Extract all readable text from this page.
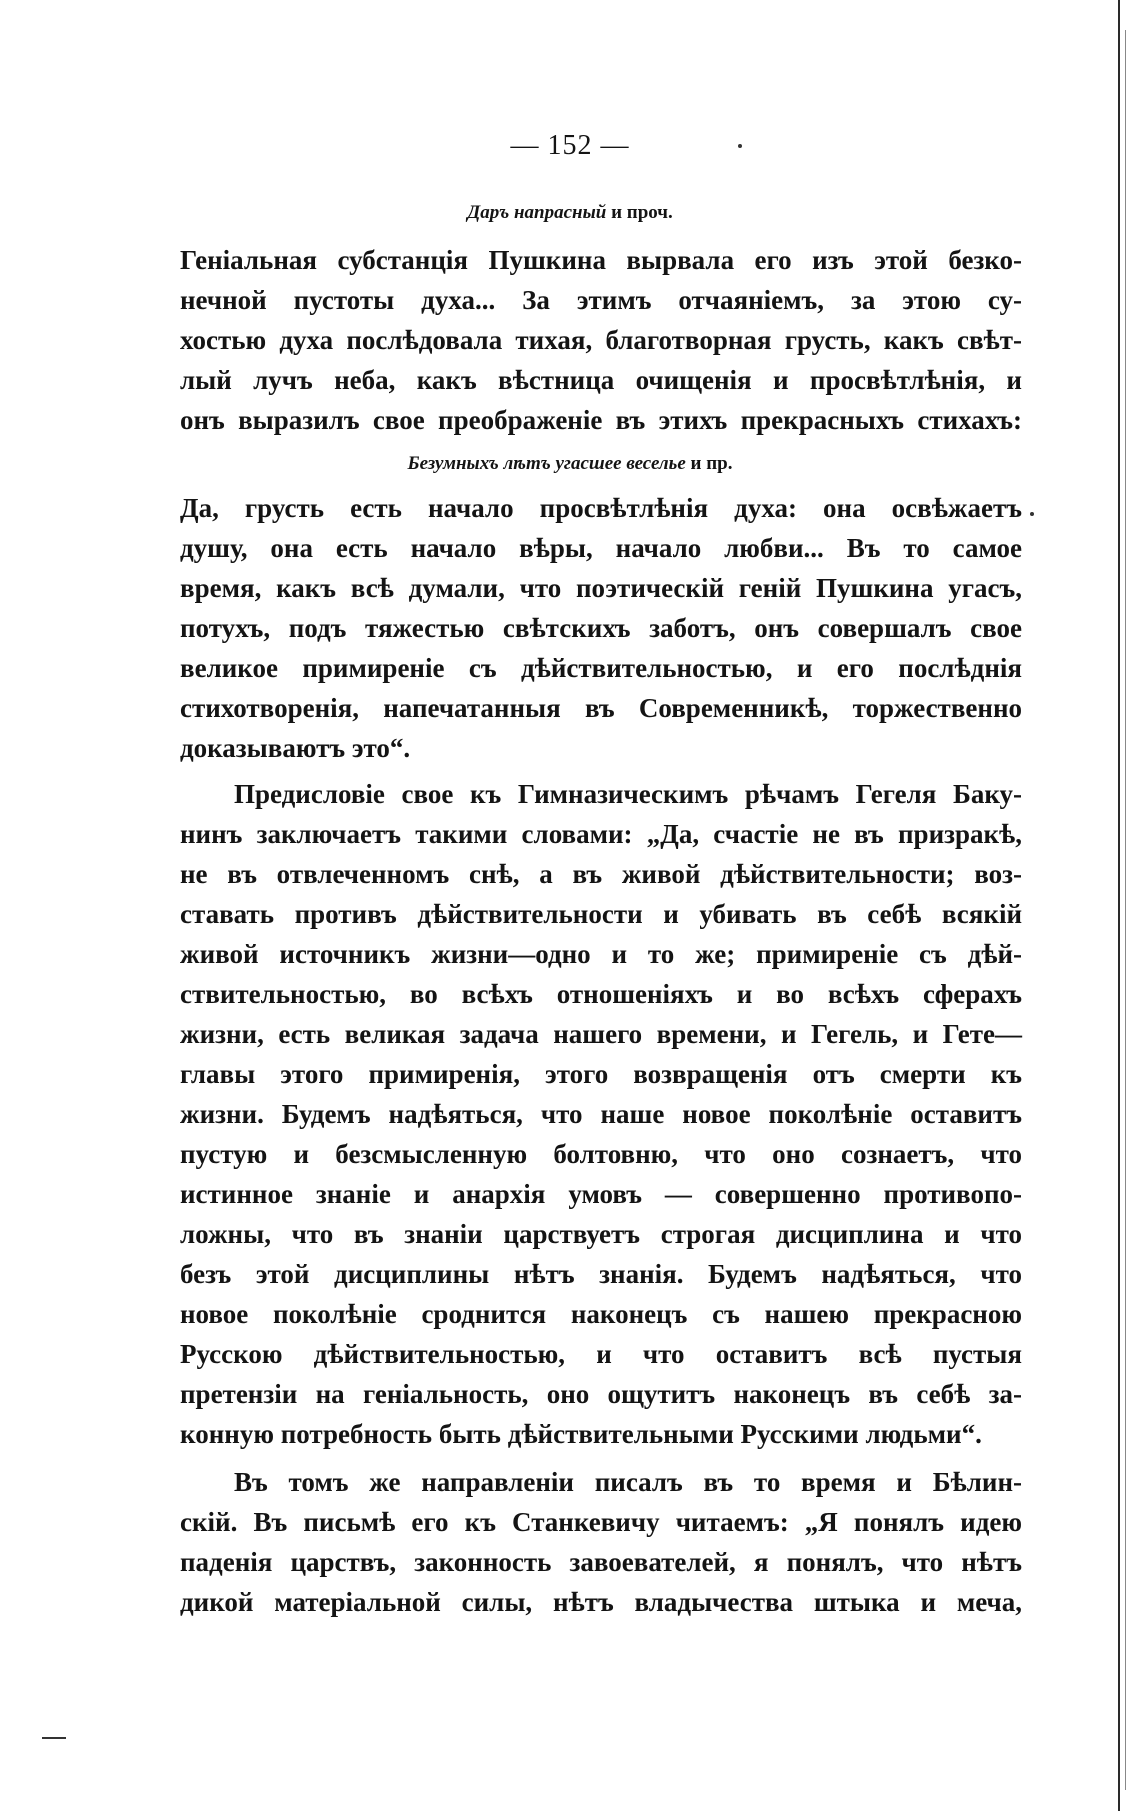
— 152 —
Даръ напрасный и проч.
Геніальная субстанція Пушкина вырвала его изъ этой безко-
нечной пустоты духа... За этимъ отчаяніемъ, за этою су-
хостью духа послѣдовала тихая, благотворная грусть, какъ свѣт-
лый лучъ неба, какъ вѣстница очищенія и просвѣтлѣнія, и
онъ выразилъ свое преображеніе въ этихъ прекрасныхъ стихахъ:
Безумныхъ лѣтъ угасшее веселье и пр.
Да, грусть есть начало просвѣтлѣнія духа: она освѣжаетъ
душу, она есть начало вѣры, начало любви... Въ то самое
время, какъ всѣ думали, что поэтическій геній Пушкина угасъ,
потухъ, подъ тяжестью свѣтскихъ заботъ, онъ совершалъ свое
великое примиреніе съ дѣйствительностью, и его послѣднія
стихотворенія, напечатанныя въ Современникѣ, торжественно
доказываютъ это“.
Предисловіе свое къ Гимназическимъ рѣчамъ Гегеля Баку-
нинъ заключаетъ такими словами: „Да, счастіе не въ призракѣ,
не въ отвлеченномъ снѣ, а въ живой дѣйствительности; воз-
ставать противъ дѣйствительности и убивать въ себѣ всякій
живой источникъ жизни—одно и то же; примиреніе съ дѣй-
ствительностью, во всѣхъ отношеніяхъ и во всѣхъ сферахъ
жизни, есть великая задача нашего времени, и Гегель, и Гете—
главы этого примиренія, этого возвращенія отъ смерти къ
жизни. Будемъ надѣяться, что наше новое поколѣніе оставитъ
пустую и безсмысленную болтовню, что оно сознаетъ, что
истинное знаніе и анархія умовъ — совершенно противопо-
ложны, что въ знаніи царствуетъ строгая дисциплина и что
безъ этой дисциплины нѣтъ знанія. Будемъ надѣяться, что
новое поколѣніе сроднится наконецъ съ нашею прекрасною
Русскою дѣйствительностью, и что оставитъ всѣ пустыя
претензіи на геніальность, оно ощутитъ наконецъ въ себѣ за-
конную потребность быть дѣйствительными Русскими людьми“.
Въ томъ же направленіи писалъ въ то время и Бѣлин-
скій. Въ письмѣ его къ Станкевичу читаемъ: „Я понялъ идею
паденія царствъ, законность завоевателей, я понялъ, что нѣтъ
дикой матеріальной силы, нѣтъ владычества штыка и меча,
